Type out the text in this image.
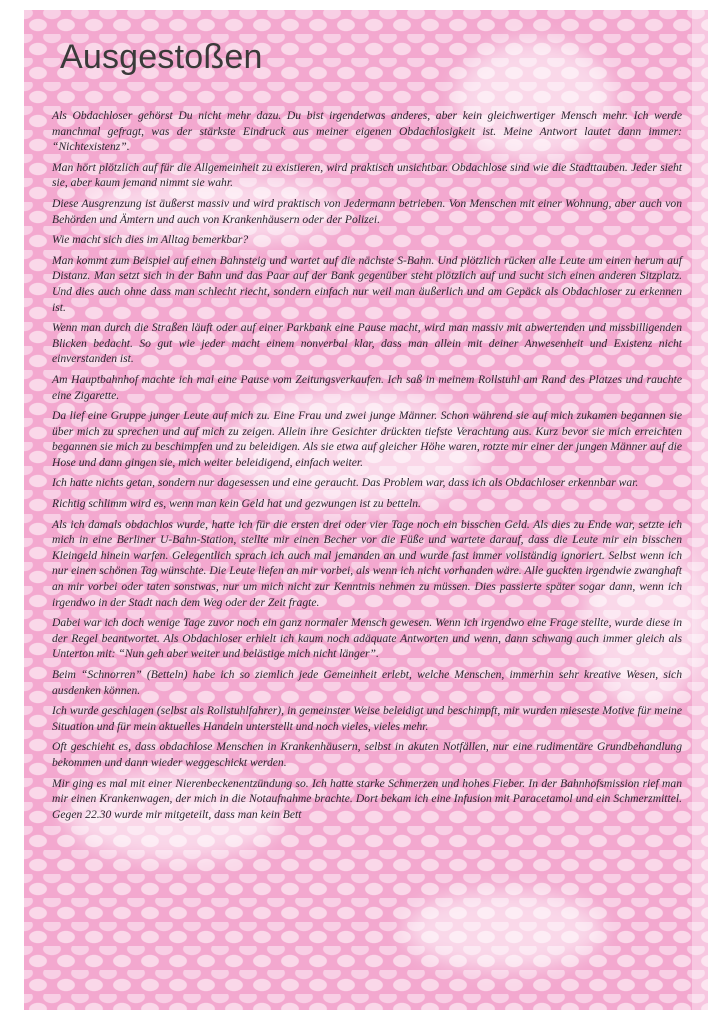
Ausgestoßen

Als Obdachloser gehörst Du nicht mehr dazu. Du bist irgendetwas anderes, aber kein gleichwertiger Mensch mehr. Ich werde manchmal gefragt, was der stärkste Eindruck aus meiner eigenen Obdachlosigkeit ist. Meine Antwort lautet dann immer: “Nichtexistenz”.

Man hört plötzlich auf für die Allgemeinheit zu existieren, wird praktisch unsichtbar. Obdachlose sind wie die Stadttauben. Jeder sieht sie, aber kaum jemand nimmt sie wahr.

Diese Ausgrenzung ist äußerst massiv und wird praktisch von Jedermann betrieben. Von Menschen mit einer Wohnung, aber auch von Behörden und Ämtern und auch von Krankenhäusern oder der Polizei.

Wie macht sich dies im Alltag bemerkbar?

Man kommt zum Beispiel auf einen Bahnsteig und wartet auf die nächste S-Bahn. Und plötzlich rücken alle Leute um einen herum auf Distanz. Man setzt sich in der Bahn und das Paar auf der Bank gegenüber steht plötzlich auf und sucht sich einen anderen Sitzplatz. Und dies auch ohne dass man schlecht riecht, sondern einfach nur weil man äußerlich und am Gepäck als Obdachloser zu erkennen ist.

Wenn man durch die Straßen läuft oder auf einer Parkbank eine Pause macht, wird man massiv mit abwertenden und missbilligenden Blicken bedacht. So gut wie jeder macht einem nonverbal klar, dass man allein mit deiner Anwesenheit und Existenz nicht einverstanden ist.

Am Hauptbahnhof machte ich mal eine Pause vom Zeitungsverkaufen. Ich saß in meinem Rollstuhl am Rand des Platzes und rauchte eine Zigarette.

Da lief eine Gruppe junger Leute auf mich zu. Eine Frau und zwei junge Männer. Schon während sie auf mich zukamen begannen sie über mich zu sprechen und auf mich zu zeigen. Allein ihre Gesichter drückten tiefste Verachtung aus. Kurz bevor sie mich erreichten begannen sie mich zu beschimpfen und zu beleidigen. Als sie etwa auf gleicher Höhe waren, rotzte mir einer der jungen Männer auf die Hose und dann gingen sie, mich weiter beleidigend, einfach weiter.

Ich hatte nichts getan, sondern nur dagesessen und eine geraucht. Das Problem war, dass ich als Obdachloser erkennbar war.

Richtig schlimm wird es, wenn man kein Geld hat und gezwungen ist zu betteln.

Als ich damals obdachlos wurde, hatte ich für die ersten drei oder vier Tage noch ein bisschen Geld. Als dies zu Ende war, setzte ich mich in eine Berliner U-Bahn-Station, stellte mir einen Becher vor die Füße und wartete darauf, dass die Leute mir ein bisschen Kleingeld hinein warfen. Gelegentlich sprach ich auch mal jemanden an und wurde fast immer vollständig ignoriert. Selbst wenn ich nur einen schönen Tag wünschte. Die Leute liefen an mir vorbei, als wenn ich nicht vorhanden wäre. Alle guckten irgendwie zwanghaft an mir vorbei oder taten sonstwas, nur um mich nicht zur Kenntnis nehmen zu müssen. Dies passierte später sogar dann, wenn ich irgendwo in der Stadt nach dem Weg oder der Zeit fragte.

Dabei war ich doch wenige Tage zuvor noch ein ganz normaler Mensch gewesen. Wenn ich irgendwo eine Frage stellte, wurde diese in der Regel beantwortet. Als Obdachloser erhielt ich kaum noch adäquate Antworten und wenn, dann schwang auch immer gleich als Unterton mit: “Nun geh aber weiter und belästige mich nicht länger”.

Beim “Schnorren” (Betteln) habe ich so ziemlich jede Gemeinheit erlebt, welche Menschen, immerhin sehr kreative Wesen, sich ausdenken können.

Ich wurde geschlagen (selbst als Rollstuhlfahrer), in gemeinster Weise beleidigt und beschimpft, mir wurden mieseste Motive für meine Situation und für mein aktuelles Handeln unterstellt und noch vieles, vieles mehr.

Oft geschieht es, dass obdachlose Menschen in Krankenhäusern, selbst in akuten Notfällen, nur eine rudimentäre Grundbehandlung bekommen und dann wieder weggeschickt werden.

Mir ging es mal mit einer Nierenbeckenentzündung so. Ich hatte starke Schmerzen und hohes Fieber. In der Bahnhofsmission rief man mir einen Krankenwagen, der mich in die Notaufnahme brachte. Dort bekam ich eine Infusion mit Paracetamol und ein Schmerzmittel. Gegen 22.30 wurde mir mitgeteilt, dass man kein Bett
